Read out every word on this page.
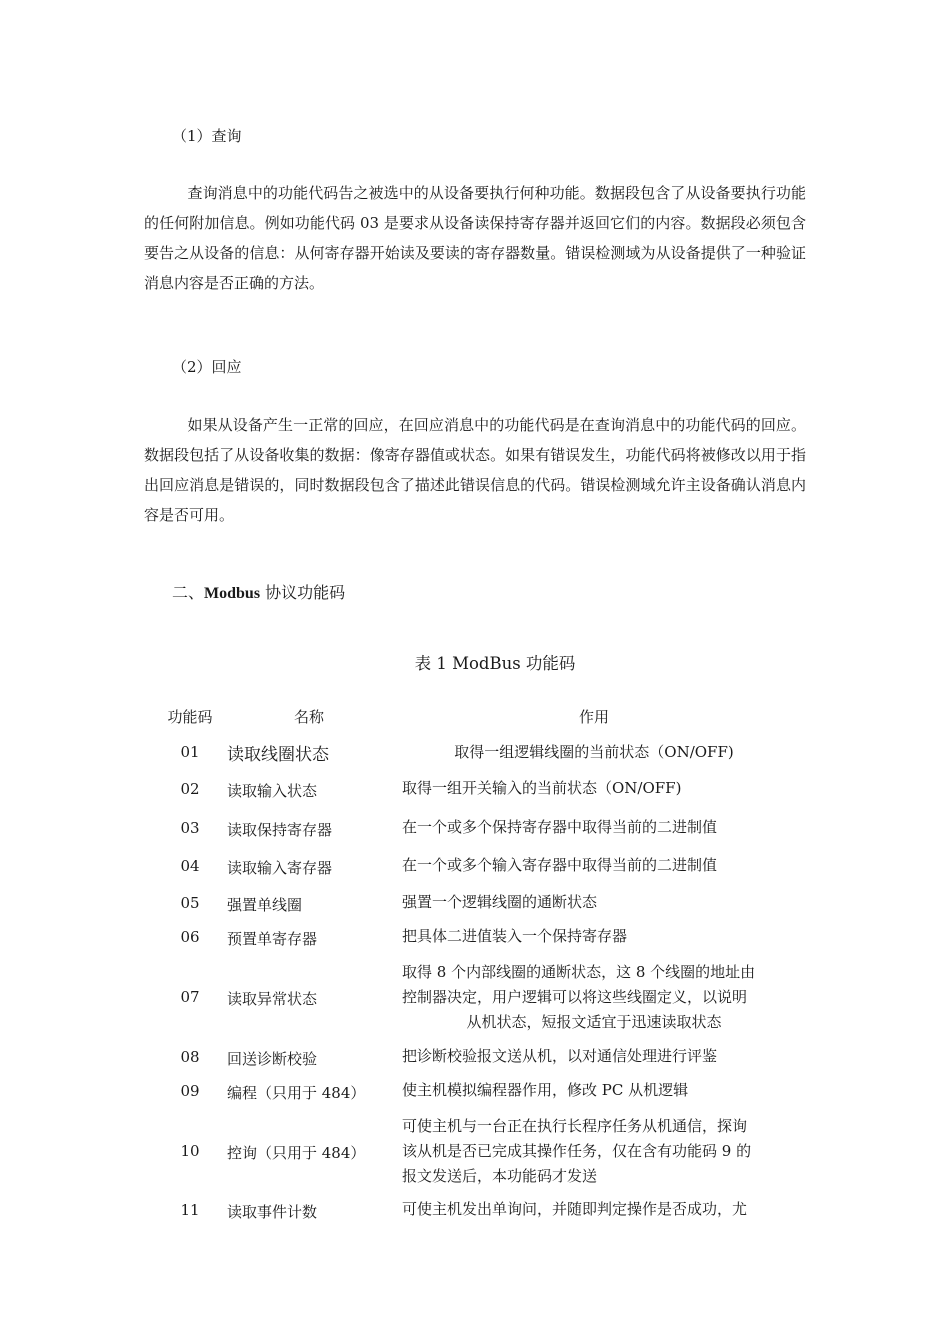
（1）查询

查询消息中的功能代码告之被选中的从设备要执行何种功能。数据段包含了从设备要执行功能的任何附加信息。例如功能代码 03 是要求从设备读保持寄存器并返回它们的内容。数据段必须包含要告之从设备的信息：从何寄存器开始读及要读的寄存器数量。错误检测域为从设备提供了一种验证消息内容是否正确的方法。

（2）回应

如果从设备产生一正常的回应，在回应消息中的功能代码是在查询消息中的功能代码的回应。数据段包括了从设备收集的数据：像寄存器值或状态。如果有错误发生，功能代码将被修改以用于指出回应消息是错误的，同时数据段包含了描述此错误信息的代码。错误检测域允许主设备确认消息内容是否可用。

二、Modbus 协议功能码
表 1 ModBus 功能码
功能码	名称	作用
01	读取线圈状态	取得一组逻辑线圈的当前状态（ON/OFF)
02	读取输入状态	取得一组开关输入的当前状态（ON/OFF)
03	读取保持寄存器	在一个或多个保持寄存器中取得当前的二进制值
04	读取输入寄存器	在一个或多个输入寄存器中取得当前的二进制值
05	强置单线圈	强置一个逻辑线圈的通断状态
06	预置单寄存器	把具体二进值装入一个保持寄存器
07	读取异常状态
取得 8 个内部线圈的通断状态，这 8 个线圈的地址由
控制器决定，用户逻辑可以将这些线圈定义，以说明
从机状态，短报文适宜于迅速读取状态
08	回送诊断校验	把诊断校验报文送从机，以对通信处理进行评鉴
09	编程（只用于 484） 使主机模拟编程器作用，修改 PC 从机逻辑
10	控询（只用于 484）
可使主机与一台正在执行长程序任务从机通信，探询
该从机是否已完成其操作任务，仅在含有功能码 9 的
报文发送后，本功能码才发送
11	读取事件计数	可使主机发出单询问，并随即判定操作是否成功，尤
